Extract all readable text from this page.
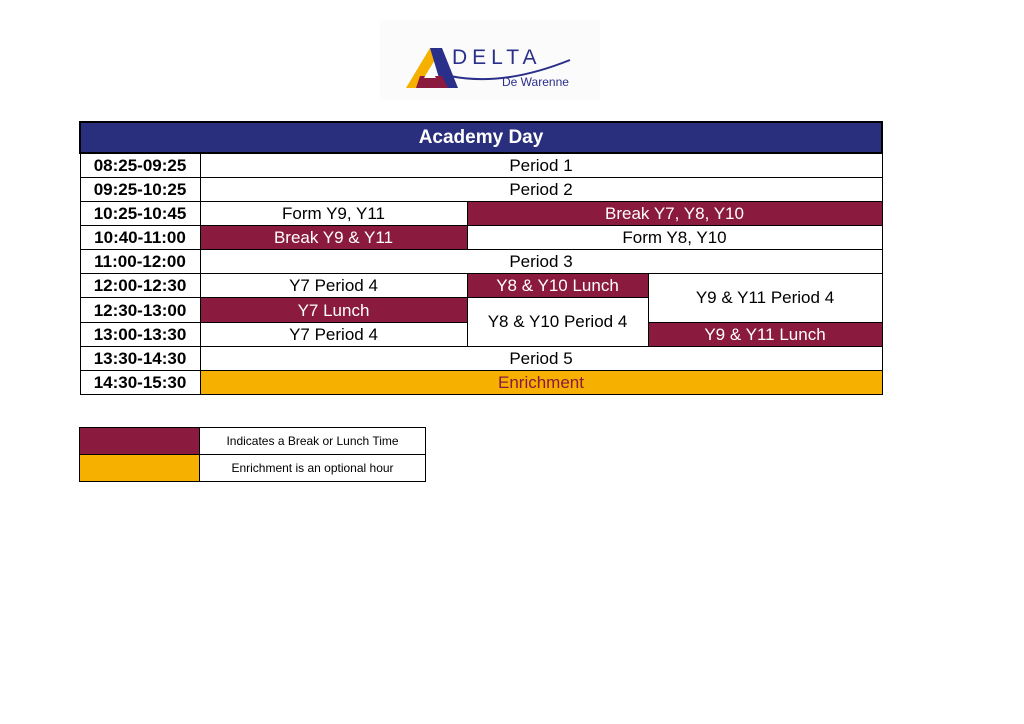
DELTA
De Warenne
Academy Day			
08:25-09:25	Period 1		
09:25-10:25	Period 2		
10:25-10:45	Form Y9, Y11	Break Y7, Y8, Y10	
10:40-11:00	Break Y9 & Y11	Form Y8, Y10	
11:00-12:00	Period 3		
12:00-12:30	Y7 Period 4	Y8 & Y10 Lunch	Y9 & Y11 Period 4
12:30-13:00	Y7 Lunch	Y8 & Y10 Period 4	
13:00-13:30	Y7 Period 4		Y9 & Y11 Lunch
13:30-14:30	Period 5		
14:30-15:30	Enrichment		
	Indicates a Break or Lunch Time
	Enrichment is an optional hour
